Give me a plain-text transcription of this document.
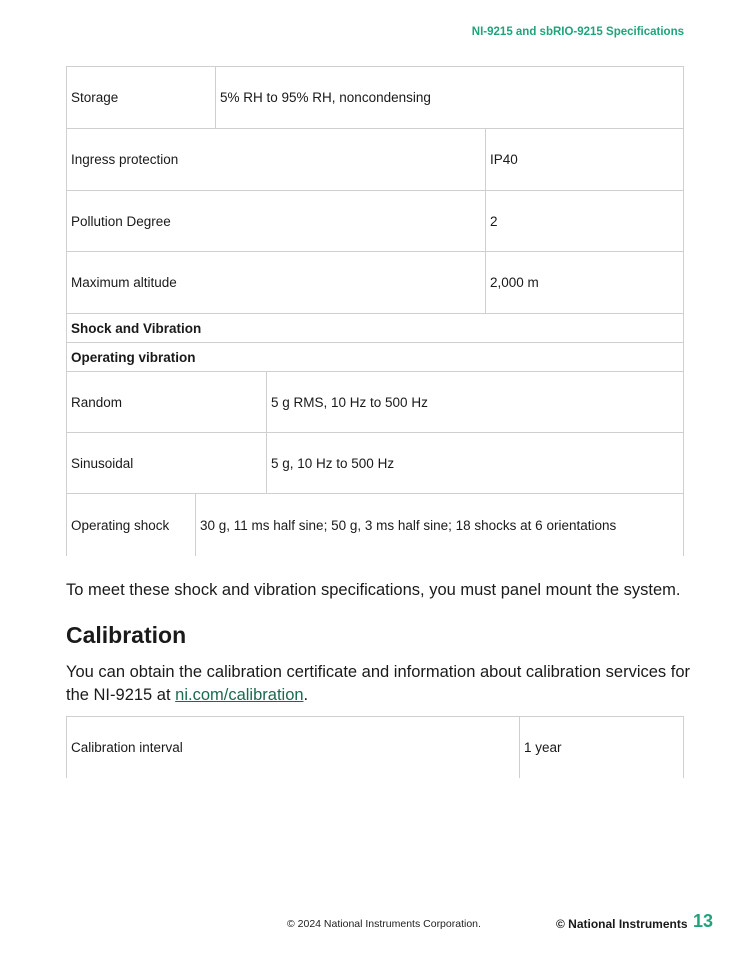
NI-9215 and sbRIO-9215 Specifications
Storage	5% RH to 95% RH, noncondensing
Ingress protection	IP40
Pollution Degree	2
Maximum altitude	2,000 m
Shock and Vibration
Operating vibration
Random	5 g RMS, 10 Hz to 500 Hz
Sinusoidal	5 g, 10 Hz to 500 Hz
Operating shock	30 g, 11 ms half sine; 50 g, 3 ms half sine; 18 shocks at 6 orientations
To meet these shock and vibration specifications, you must panel mount the system.
Calibration
You can obtain the calibration certificate and information about calibration services for the NI-9215 at ni.com/calibration.
Calibration interval	1 year
© 2024 National Instruments Corporation.	© National Instruments 13
